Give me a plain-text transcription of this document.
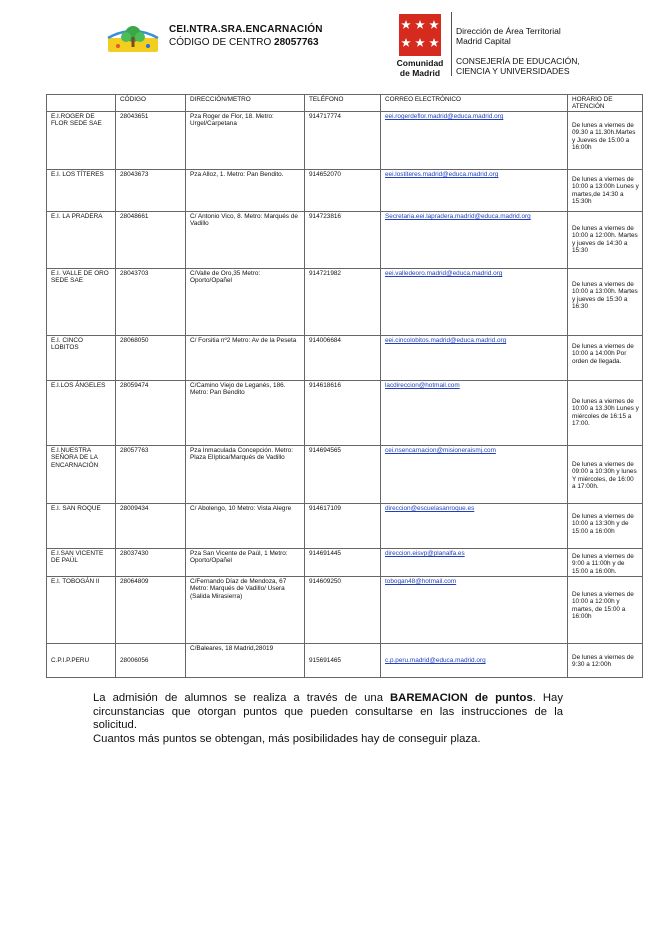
CEI.NTRA.SRA.ENCARNACIÓN
CÓDIGO DE CENTRO 28057763
Comunidad
de Madrid
Dirección de Área Territorial
Madrid Capital
CONSEJERÍA DE EDUCACIÓN,
CIENCIA Y UNIVERSIDADES
	CÓDIGO	DIRECCIÓN/METRO	TELÉFONO	CORREO ELECTRÓNICO	HORARIO DE ATENCIÓN
E.I.ROGER DE FLOR SEDE SAE	28043651	Pza Roger de Flor, 18. Metro: Urgel/Carpetana	914717774	eei.rogerdeflor.madrid@educa.madrid.org	De lunes a viernes de 09.30 a 11.30h.Martes y Jueves de 15:00 a 16:00h

E.I. LOS TÍTERES	28043673	Pza Alloz, 1. Metro: Pan Bendito.	914652070	eei.lostiteres.madrid@educa.madrid.org	De lunes a viernes de 10:00 a 13:00h Lunes y martes,de 14:30 a 15:30h

E.I. LA PRADERA	28048661	C/ Antonio Vico, 8. Metro: Marqués de Vadillo	914723816	Secretaria.eei.lapradera.madrid@educa.madrid.org	De lunes a viernes de 10:00 a 12:00h. Martes y jueves de 14:30 a 15:30

E.I. VALLE DE ORO SEDE SAE	28043703	C/Valle de Oro,35 Metro: Oporto/Opañel	914721982	eei.valledeoro.madrid@educa.madrid.org	De lunes a viernes de 10:00 a 13:00h. Martes y jueves de 15:30 a 16:30

E.I. CINCO LOBITOS	28068050	C/ Forsitia nº2 Metro: Av de la Peseta	914006684	eei.cincolobitos.madrid@educa.madrid.org	De lunes a viernes de 10:00 a 14:00h Por orden de llegada.

E.I.LOS ÁNGELES	28059474	C/Camino Viejo de Leganés, 186. Metro: Pan Bendito	914618616	lacdireccion@hotmail.com	De lunes a viernes de 10:00 a 13.30h Lunes y miércoles de 16:15 a 17:00.

E.I.NUESTRA SEÑORA DE LA ENCARNACIÓN	28057763	Pza Inmaculada Concepción. Metro: Plaza Elíptica/Marqués de Vadillo	914694565	cei.nsencarnacion@misioneraismj.com	De lunes a viernes de 09:00 a 10:30h y lunes Y miércoles, de 16:00 a 17:00h.

E.I. SAN ROQUE	28009434	C/ Abolengo, 10 Metro: Vista Alegre	914617109	direccion@escuelasanroque.es	De lunes a viernes de 10:00 a 13:30h y de 15:00 a 16:00h

E.I.SAN VICENTE DE PAÚL	28037430	Pza San Vicente de Paúl, 1 Metro: Oporto/Opañel	914691445	direccion.eisvp@planalfa.es	De lunes a viernes de 9:00 a 11:00h y de 15:00 a 16:00h.

E.I. TOBOGÁN II	28064809	C/Fernando Díaz de Mendoza, 67 Metro: Marqués de Vadillo/ Usera (Salida Mirasierra)	914609250	tobogan48@hotmail.com	De lunes a viernes de 10:00 a 12:00h y martes, de 15:00 a 16:00h

C.P.I.P.PERU	28006056	C/Baleares, 18 Madrid,28019	915691465	c.p.peru.madrid@educa.madrid.org	De lunes a viernes de 9:30 a 12:00h

La admisión de alumnos se realiza a través de una BAREMACION de puntos. Hay circunstancias que otorgan puntos que pueden consultarse en las instrucciones de la solicitud.

Cuantos más puntos se obtengan, más posibilidades hay de conseguir plaza.
